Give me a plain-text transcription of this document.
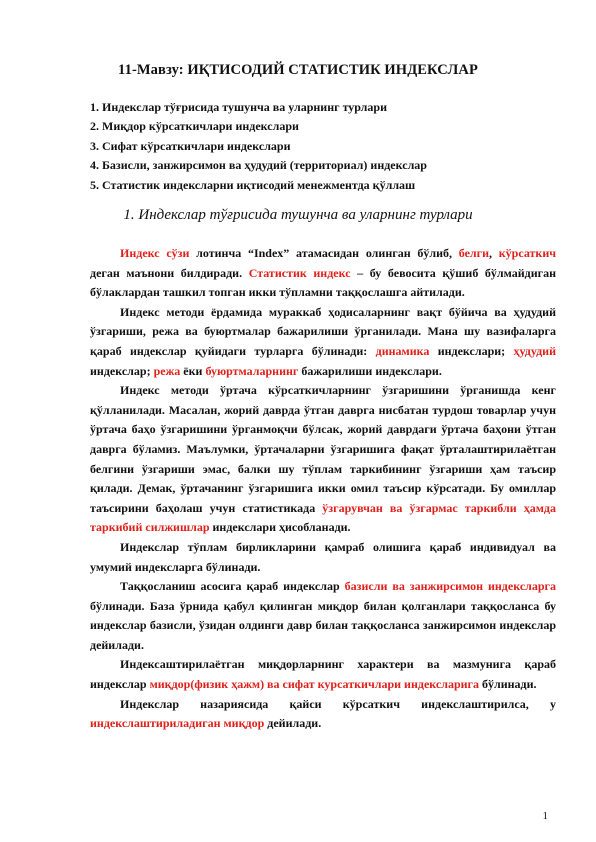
11-Мавзу: ИҚТИСОДИЙ СТАТИСТИК ИНДЕКСЛАР
1. Индекслар тўғрисида тушунча ва уларнинг турлари
2. Миқдор кўрсаткичлари индекслари
3. Сифат кўрсаткичлари индекслари
4. Базисли, занжирсимон ва ҳудудий (территориал) индекслар
5. Статистик индексларни иқтисодий менежментда қўллаш
1. Индекслар тўғрисида тушунча ва уларнинг турлари

Индекс сўзи лотинча “Index” атамасидан олинган бўлиб, белги, кўрсаткич деган маънони билдиради. Статистик индекс – бу бевосита қўшиб бўлмайдиган бўлаклардан ташкил топган икки тўпламни таққослашга айтилади.

Индекс методи ёрдамида мураккаб ҳодисаларнинг вақт бўйича ва ҳудудий ўзгариши, режа ва буюртмалар бажарилиши ўрганилади. Мана шу вазифаларга қараб индекслар қуйидаги турларга бўлинади: динамика индекслари; ҳудудий индекслар; режа ёки буюртмаларнинг бажарилиши индекслари.

Индекс методи ўртача кўрсаткичларнинг ўзгаришини ўрганишда кенг қўлланилади. Масалан, жорий даврда ўтган даврга нисбатан турдош товарлар учун ўртача баҳо ўзгаришини ўрганмоқчи бўлсак, жорий даврдаги ўртача баҳони ўтган даврга бўламиз. Маълумки, ўртачаларни ўзгаришига фақат ўрталаштирилаётган белгини ўзгариши эмас, балки шу тўплам таркибининг ўзгариши ҳам таъсир қилади. Демак, ўртачанинг ўзгаришига икки омил таъсир кўрсатади. Бу омиллар таъсирини баҳолаш учун статистикада ўзгарувчан ва ўзгармас таркибли ҳамда таркибий силжишлар индекслари ҳисобланади.

Индекслар тўплам бирликларини қамраб олишига қараб индивидуал ва умумий индексларга бўлинади.

Таққосланиш асосига қараб индекслар базисли ва занжирсимон индексларга бўлинади. База ўрнида қабул қилинган миқдор билан қолганлари таққосланса бу индекслар базисли, ўзидан олдинги давр билан таққосланса занжирсимон индекслар дейилади.

Индексаштирилаётган миқдорларнинг характери ва мазмунига қараб индекслар миқдор(физик ҳажм) ва сифат курсаткичлари индексларига бўлинади.

Индекслар назариясида қайси кўрсаткич индекслаштирилса, у индекслаштириладиган миқдор дейилади.

1
